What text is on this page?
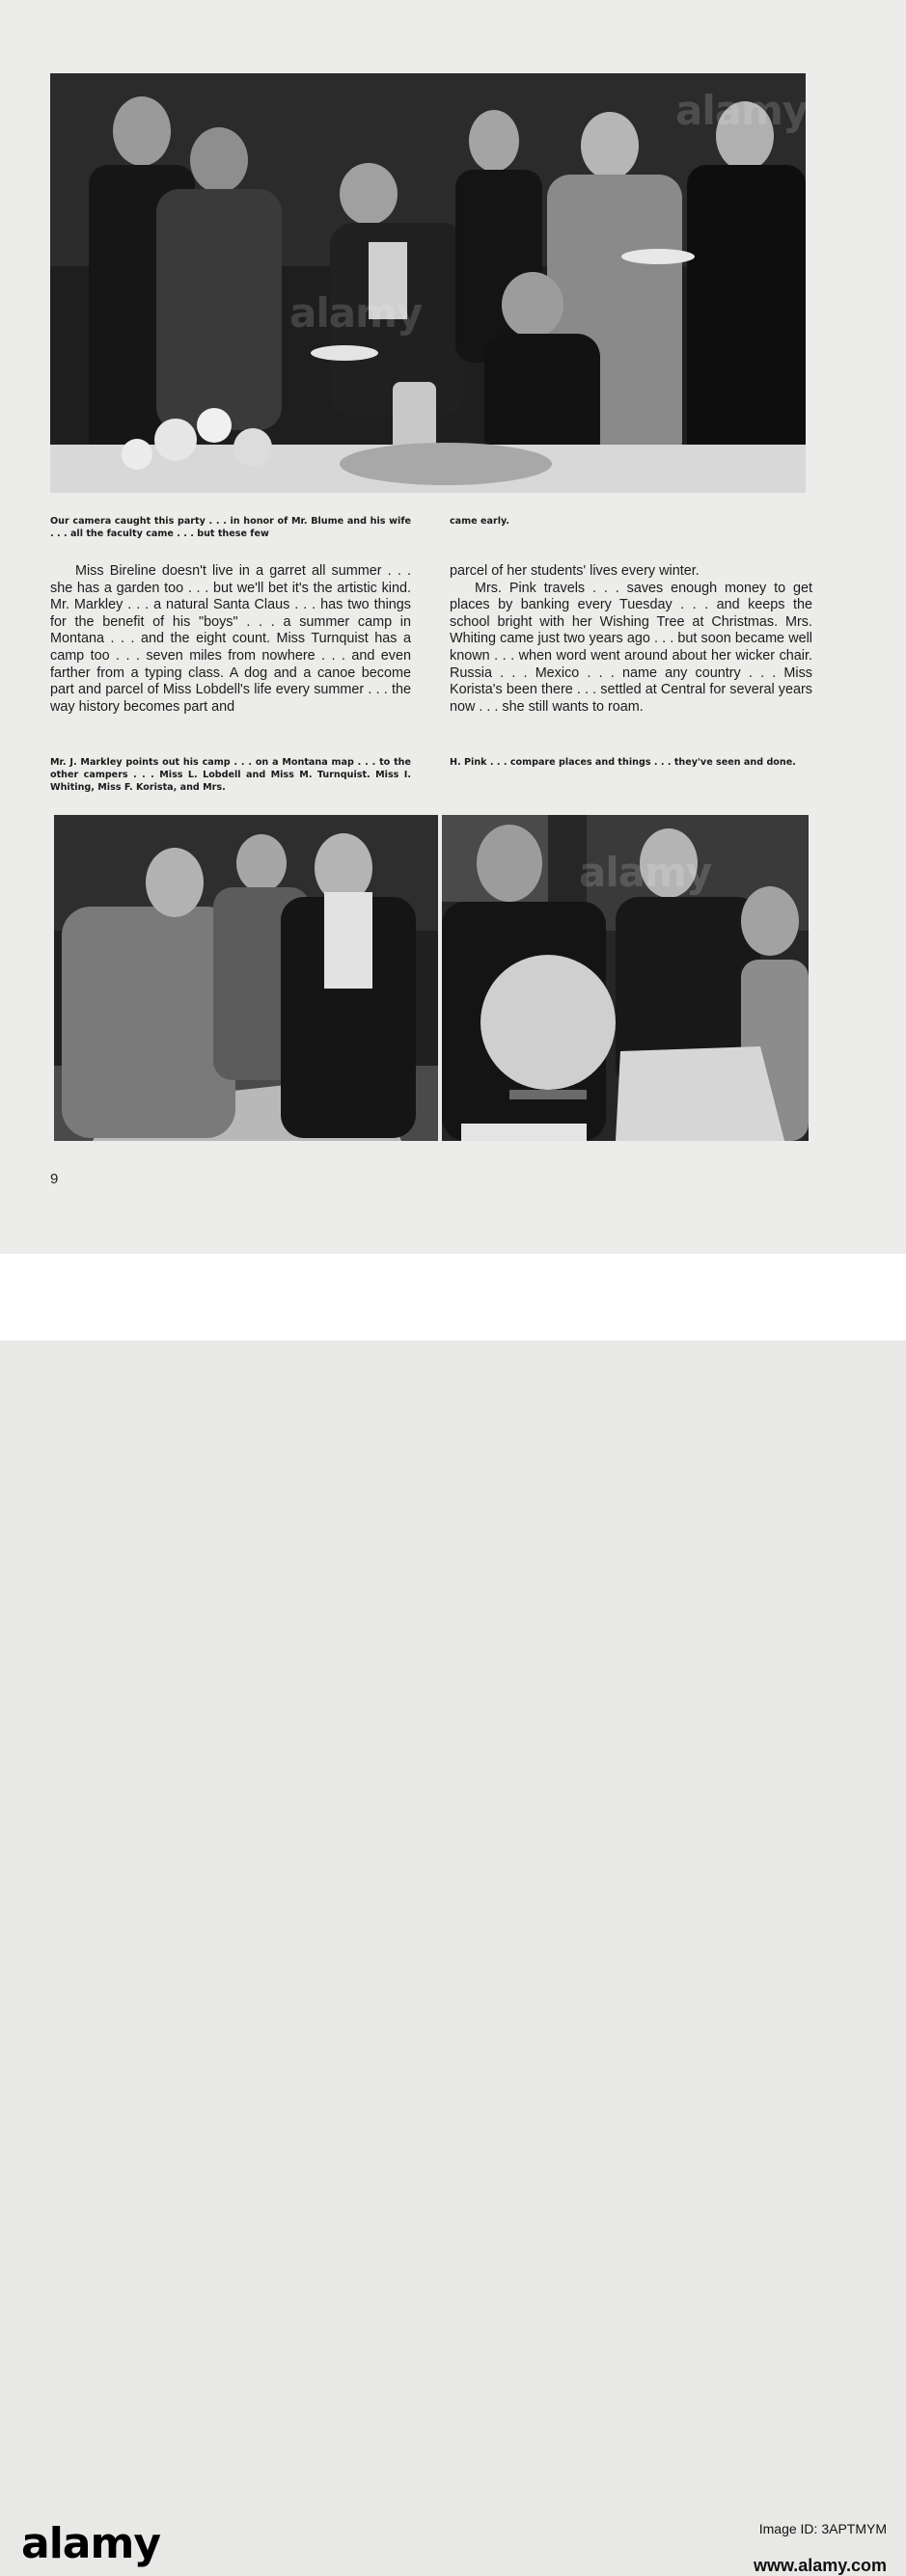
Our camera caught this party . . . in honor of Mr. Blume and his wife . . . all the faculty came . . . but these few
came early.

Miss Bireline doesn't live in a garret all summer . . . she has a garden too . . . but we'll bet it's the artistic kind. Mr. Markley . . . a natural Santa Claus . . . has two things for the benefit of his "boys" . . . a summer camp in Montana . . . and the eight count. Miss Turnquist has a camp too . . . seven miles from nowhere . . . and even farther from a typing class. A dog and a canoe become part and parcel of Miss Lobdell's life every summer . . . the way history becomes part and

parcel of her students' lives every winter.

Mrs. Pink travels . . . saves enough money to get places by banking every Tuesday . . . and keeps the school bright with her Wishing Tree at Christmas. Mrs. Whiting came just two years ago . . . but soon became well known . . . when word went around about her wicker chair. Russia . . . Mexico . . . name any country . . . Miss Korista's been there . . . settled at Central for several years now . . . she still wants to roam.

Mr. J. Markley points out his camp . . . on a Montana map . . . to the other campers . . . Miss L. Lobdell and Miss M. Turnquist. Miss I. Whiting, Miss F. Korista, and Mrs.
H. Pink . . . compare places and things . . . they've seen and done.
9
alamy	Image ID: 3APTMYM
www.alamy.com
